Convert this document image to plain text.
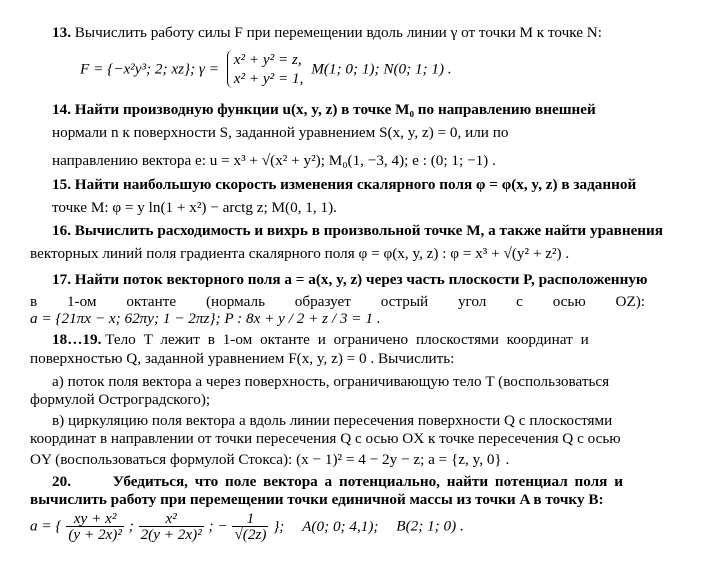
13. Вычислить работу силы F при перемещении вдоль линии γ от точки M к точке N:
F = {−x²y³; 2; xz}; γ =
x² + y² = z,
x² + y² = 1,
M(1; 0; 1); N(0; 1; 1) .
14. Найти производную функции u(x, y, z) в точке M₀ по направлению внешней
нормали n к поверхности S, заданной уравнением S(x, y, z) = 0, или по
направлению вектора e: u = x³ + √(x² + y²); M₀(1, −3, 4); e : (0; 1; −1) .
15. Найти наибольшую скорость изменения скалярного поля φ = φ(x, y, z) в заданной
точке M: φ = y ln(1 + x²) − arctg z; M(0, 1, 1).
16. Вычислить расходимость и вихрь в произвольной точке M, а также найти уравнения
векторных линий поля градиента скалярного поля φ = φ(x, y, z) : φ = x³ + √(y² + z²) .
17. Найти поток векторного поля a = a(x, y, z) через часть плоскости P, расположенную
в 1-ом октанте (нормаль образует острый угол с осью OZ):
a = {21πx − x; 62πy; 1 − 2πz}; P : 8x + y / 2 + z / 3 = 1 .
18…19. Тело T лежит в 1-ом октанте и ограничено плоскостями координат и
поверхностью Q, заданной уравнением F(x, y, z) = 0 . Вычислить:
а) поток поля вектора a через поверхность, ограничивающую тело T (воспользоваться
формулой Остроградского);
в) циркуляцию поля вектора a вдоль линии пересечения поверхности Q с плоскостями
координат в направлении от точки пересечения Q с осью OX к точке пересечения Q с осью
OY (воспользоваться формулой Стокса): (x − 1)² = 4 − 2y − z; a = {z, y, 0} .
20.	Убедиться, что поле вектора a потенциально, найти потенциал поля и
вычислить работу при перемещении точки единичной массы из точки A в точку B:
a = { $\frac{\text{xy + x²}}{\text{(y + 2x)²}}$ ; $\frac{\text{x²}}{\text{2(y + 2x)²}}$ ; − $\frac{1}{√(2z)}$ }; A(0; 0; 4,1); B(2; 1; 0) .
